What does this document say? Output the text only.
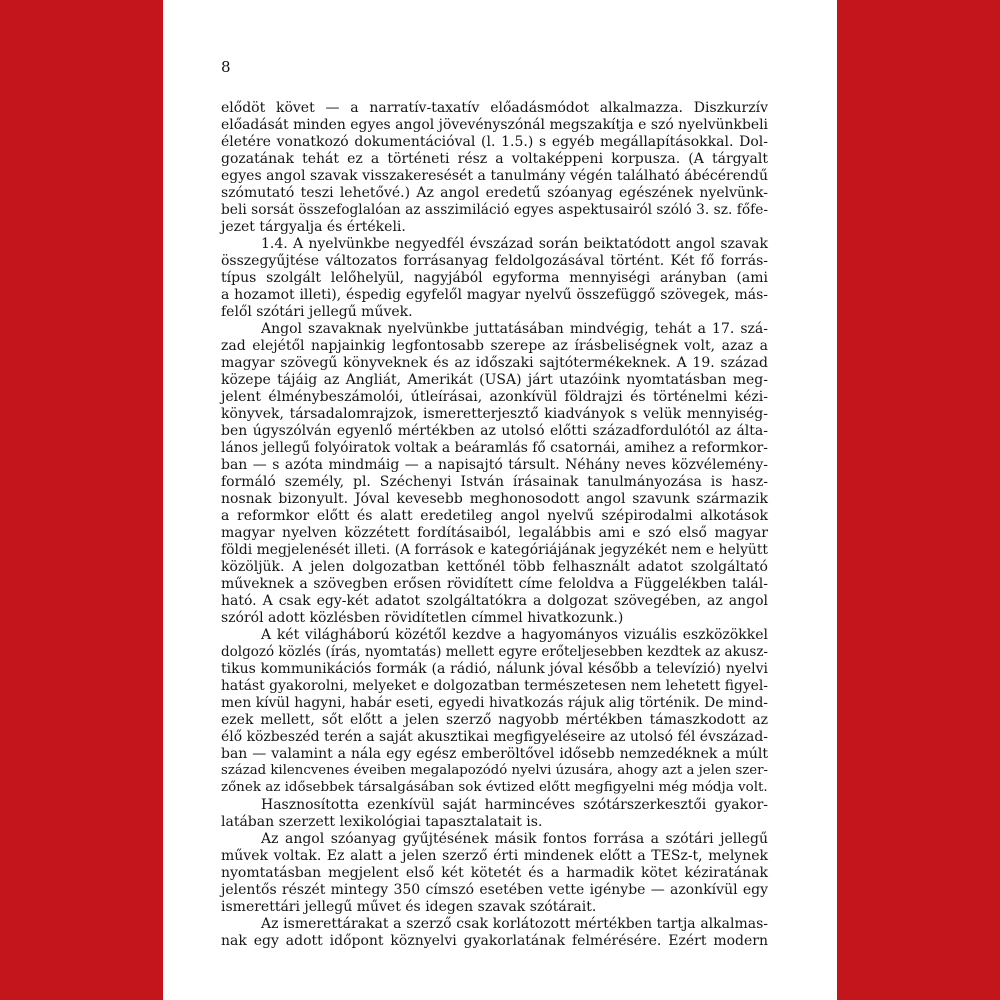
8
elődöt követ — a narratív-taxatív előadásmódot alkalmazza. Diszkurzív
előadását minden egyes angol jövevényszónál megszakítja e szó nyelvünkbeli
életére vonatkozó dokumentációval (l. 1.5.) s egyéb megállapításokkal. Dol-
gozatának tehát ez a történeti rész a voltaképpeni korpusza. (A tárgyalt
egyes angol szavak visszakeresését a tanulmány végén található ábécérendű
szómutató teszi lehetővé.) Az angol eredetű szóanyag egészének nyelvünk-
beli sorsát összefoglalóan az asszimiláció egyes aspektusairól szóló 3. sz. főfe-
jezet tárgyalja és értékeli.
1.4. A nyelvünkbe negyedfél évszázad során beiktatódott angol szavak
összegyűjtése változatos forrásanyag feldolgozásával történt. Két fő forrás-
típus szolgált lelőhelyül, nagyjából egyforma mennyiségi arányban (ami
a hozamot illeti), éspedig egyfelől magyar nyelvű összefüggő szövegek, más-
felől szótári jellegű művek.
Angol szavaknak nyelvünkbe juttatásában mindvégig, tehát a 17. szá-
zad elejétől napjainkig legfontosabb szerepe az írásbeliségnek volt, azaz a
magyar szövegű könyveknek és az időszaki sajtótermékeknek. A 19. század
közepe tájáig az Angliát, Amerikát (USA) járt utazóink nyomtatásban meg-
jelent élménybeszámolói, útleírásai, azonkívül földrajzi és történelmi kézi-
könyvek, társadalomrajzok, ismeretterjesztő kiadványok s velük mennyiség-
ben úgyszólván egyenlő mértékben az utolsó előtti századfordulótól az álta-
lános jellegű folyóiratok voltak a beáramlás fő csatornái, amihez a reformkor-
ban — s azóta mindmáig — a napisajtó társult. Néhány neves közvélemény-
formáló személy, pl. Széchenyi István írásainak tanulmányozása is hasz-
nosnak bizonyult. Jóval kevesebb meghonosodott angol szavunk származik
a reformkor előtt és alatt eredetileg angol nyelvű szépirodalmi alkotások
magyar nyelven közzétett fordításaiból, legalábbis ami e szó első magyar
földi megjelenését illeti. (A források e kategóriájának jegyzékét nem e helyütt
közöljük. A jelen dolgozatban kettőnél több felhasznált adatot szolgáltató
műveknek a szövegben erősen rövidített címe feloldva a Függelékben talál-
ható. A csak egy-két adatot szolgáltatókra a dolgozat szövegében, az angol
szóról adott közlésben rövidítetlen címmel hivatkozunk.)
A két világháború közétől kezdve a hagyományos vizuális eszközökkel
dolgozó közlés (írás, nyomtatás) mellett egyre erőteljesebben kezdtek az akusz-
tikus kommunikációs formák (a rádió, nálunk jóval később a televízió) nyelvi
hatást gyakorolni, melyeket e dolgozatban természetesen nem lehetett figyel-
men kívül hagyni, habár eseti, egyedi hivatkozás rájuk alig történik. De mind-
ezek mellett, sőt előtt a jelen szerző nagyobb mértékben támaszkodott az
élő közbeszéd terén a saját akusztikai megfigyeléseire az utolsó fél évszázad-
ban — valamint a nála egy egész emberöltővel idősebb nemzedéknek a múlt
század kilencvenes éveiben megalapozódó nyelvi úzusára, ahogy azt a jelen szer-
zőnek az idősebbek társalgásában sok évtized előtt megfigyelni még módja volt.
Hasznosította ezenkívül saját harmincéves szótárszerkesztői gyakor-
latában szerzett lexikológiai tapasztalatait is.
Az angol szóanyag gyűjtésének másik fontos forrása a szótári jellegű
művek voltak. Ez alatt a jelen szerző érti mindenek előtt a TESz-t, melynek
nyomtatásban megjelent első két kötetét és a harmadik kötet kéziratának
jelentős részét mintegy 350 címszó esetében vette igénybe — azonkívül egy
ismerettári jellegű művet és idegen szavak szótárait.
Az ismerettárakat a szerző csak korlátozott mértékben tartja alkalmas-
nak egy adott időpont köznyelvi gyakorlatának felmérésére. Ezért modern
